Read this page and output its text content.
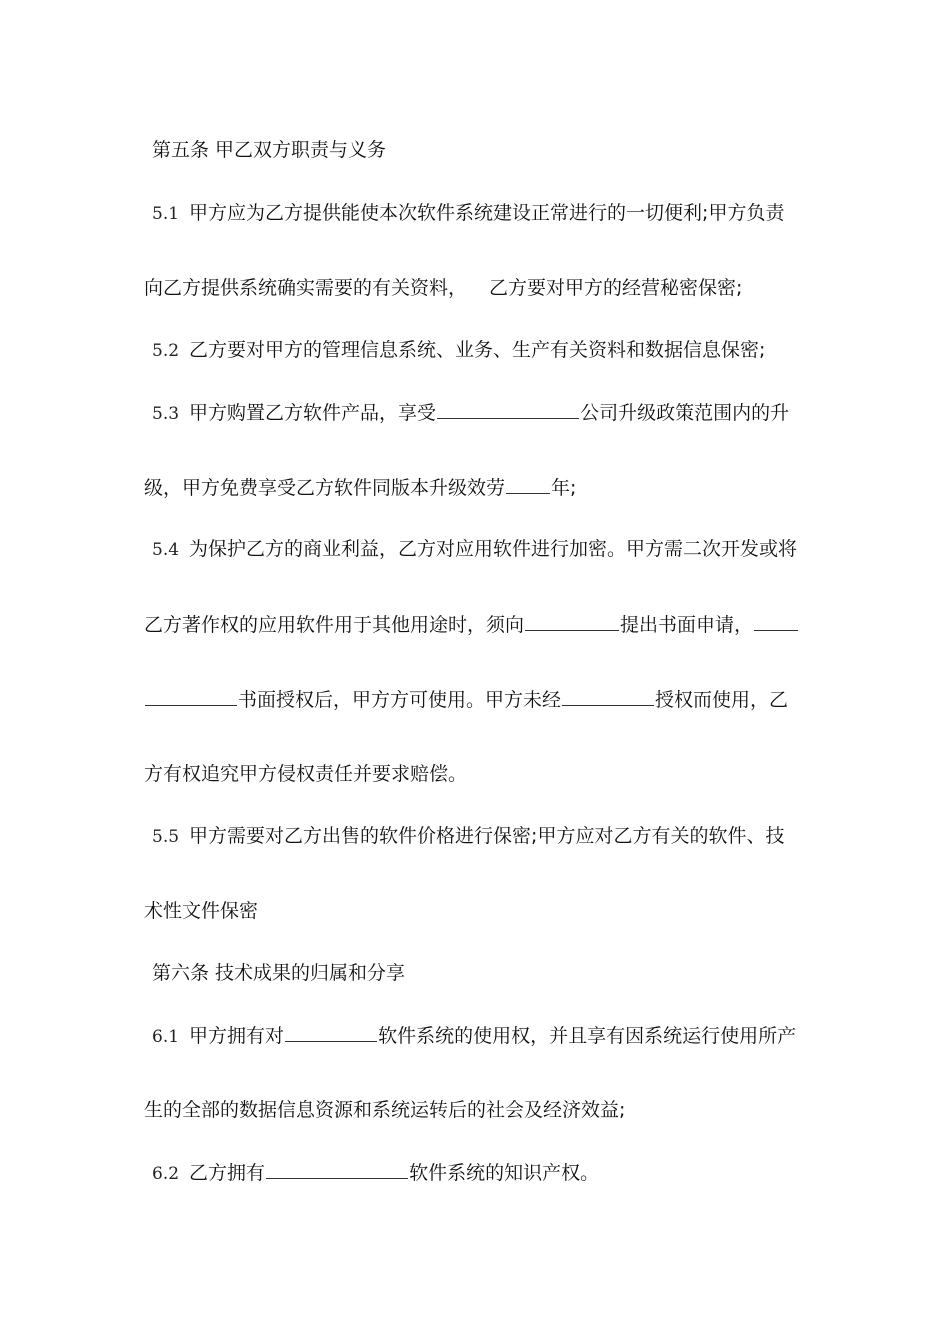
第五条 甲乙双方职责与义务
5.1 甲方应为乙方提供能使本次软件系统建设正常进行的一切便利;甲方负责
向乙方提供系统确实需要的有关资料， 乙方要对甲方的经营秘密保密;
5.2 乙方要对甲方的管理信息系统、业务、生产有关资料和数据信息保密;
5.3 甲方购置乙方软件产品，享受	公司升级政策范围内的升
级，甲方免费享受乙方软件同版本升级效劳 年;
5.4 为保护乙方的商业利益，乙方对应用软件进行加密。甲方需二次开发或将
乙方著作权的应用软件用于其他用途时，须向	提出书面申请，
书面授权后，甲方方可使用。甲方未经	授权而使用，乙
方有权追究甲方侵权责任并要求赔偿。
5.5 甲方需要对乙方出售的软件价格进行保密;甲方应对乙方有关的软件、技
术性文件保密
第六条 技术成果的归属和分享
6.1 甲方拥有对	软件系统的使用权，并且享有因系统运行使用所产
生的全部的数据信息资源和系统运转后的社会及经济效益;
6.2 乙方拥有	软件系统的知识产权。
